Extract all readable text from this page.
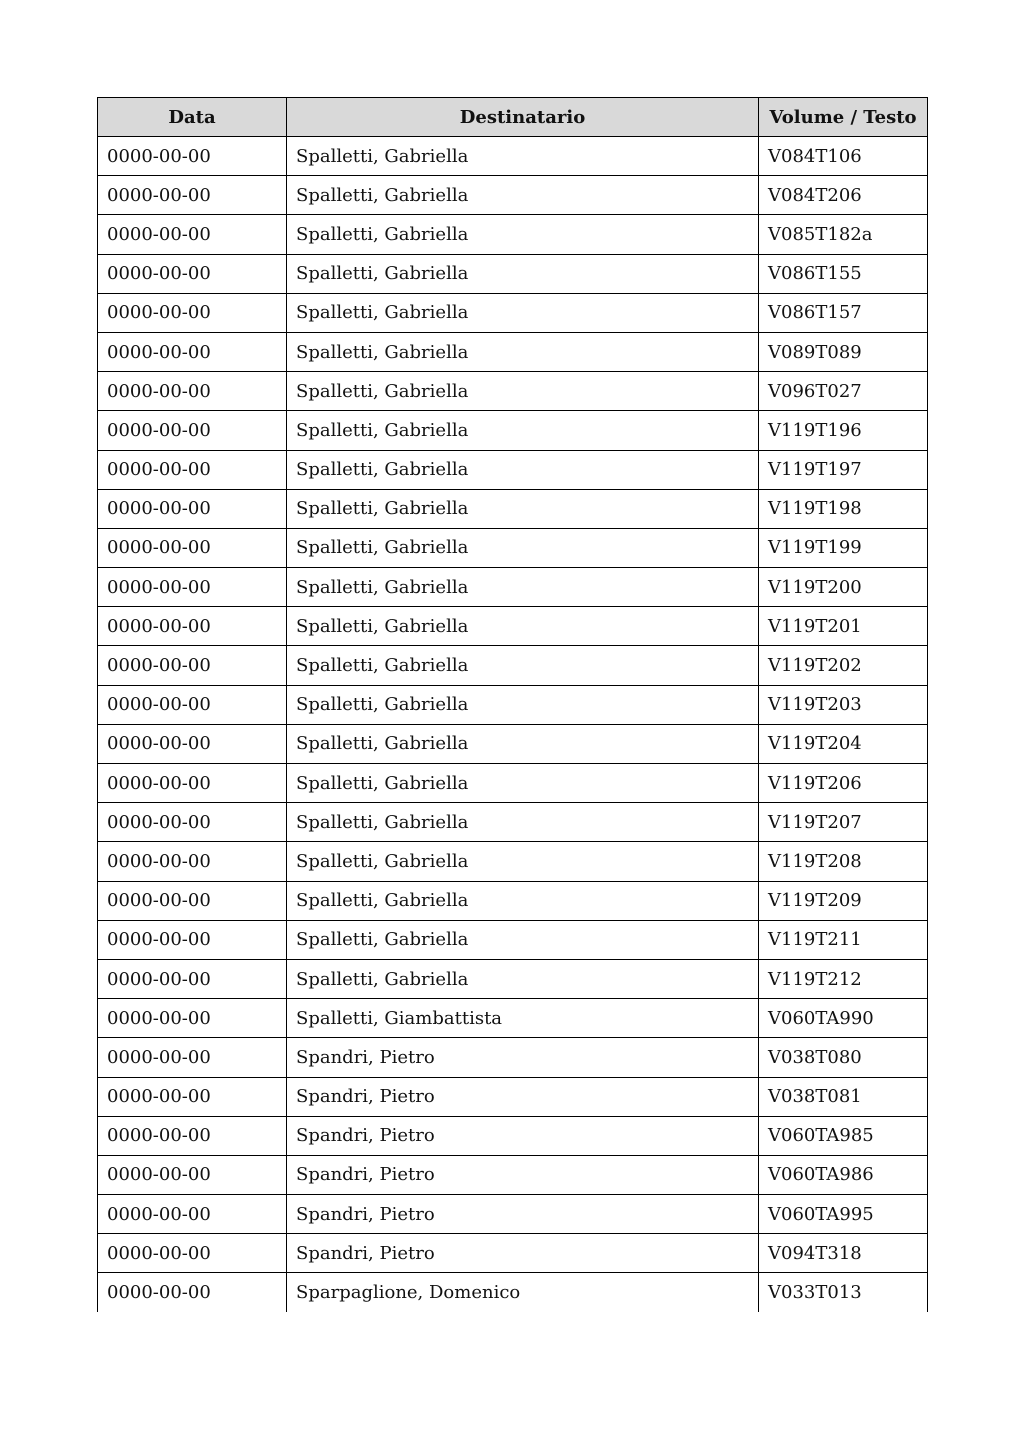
Data	Destinatario	Volume / Testo
0000-00-00	Spalletti, Gabriella	V084T106
0000-00-00	Spalletti, Gabriella	V084T206
0000-00-00	Spalletti, Gabriella	V085T182a
0000-00-00	Spalletti, Gabriella	V086T155
0000-00-00	Spalletti, Gabriella	V086T157
0000-00-00	Spalletti, Gabriella	V089T089
0000-00-00	Spalletti, Gabriella	V096T027
0000-00-00	Spalletti, Gabriella	V119T196
0000-00-00	Spalletti, Gabriella	V119T197
0000-00-00	Spalletti, Gabriella	V119T198
0000-00-00	Spalletti, Gabriella	V119T199
0000-00-00	Spalletti, Gabriella	V119T200
0000-00-00	Spalletti, Gabriella	V119T201
0000-00-00	Spalletti, Gabriella	V119T202
0000-00-00	Spalletti, Gabriella	V119T203
0000-00-00	Spalletti, Gabriella	V119T204
0000-00-00	Spalletti, Gabriella	V119T206
0000-00-00	Spalletti, Gabriella	V119T207
0000-00-00	Spalletti, Gabriella	V119T208
0000-00-00	Spalletti, Gabriella	V119T209
0000-00-00	Spalletti, Gabriella	V119T211
0000-00-00	Spalletti, Gabriella	V119T212
0000-00-00	Spalletti, Giambattista	V060TA990
0000-00-00	Spandri, Pietro	V038T080
0000-00-00	Spandri, Pietro	V038T081
0000-00-00	Spandri, Pietro	V060TA985
0000-00-00	Spandri, Pietro	V060TA986
0000-00-00	Spandri, Pietro	V060TA995
0000-00-00	Spandri, Pietro	V094T318
0000-00-00	Sparpaglione, Domenico	V033T013
